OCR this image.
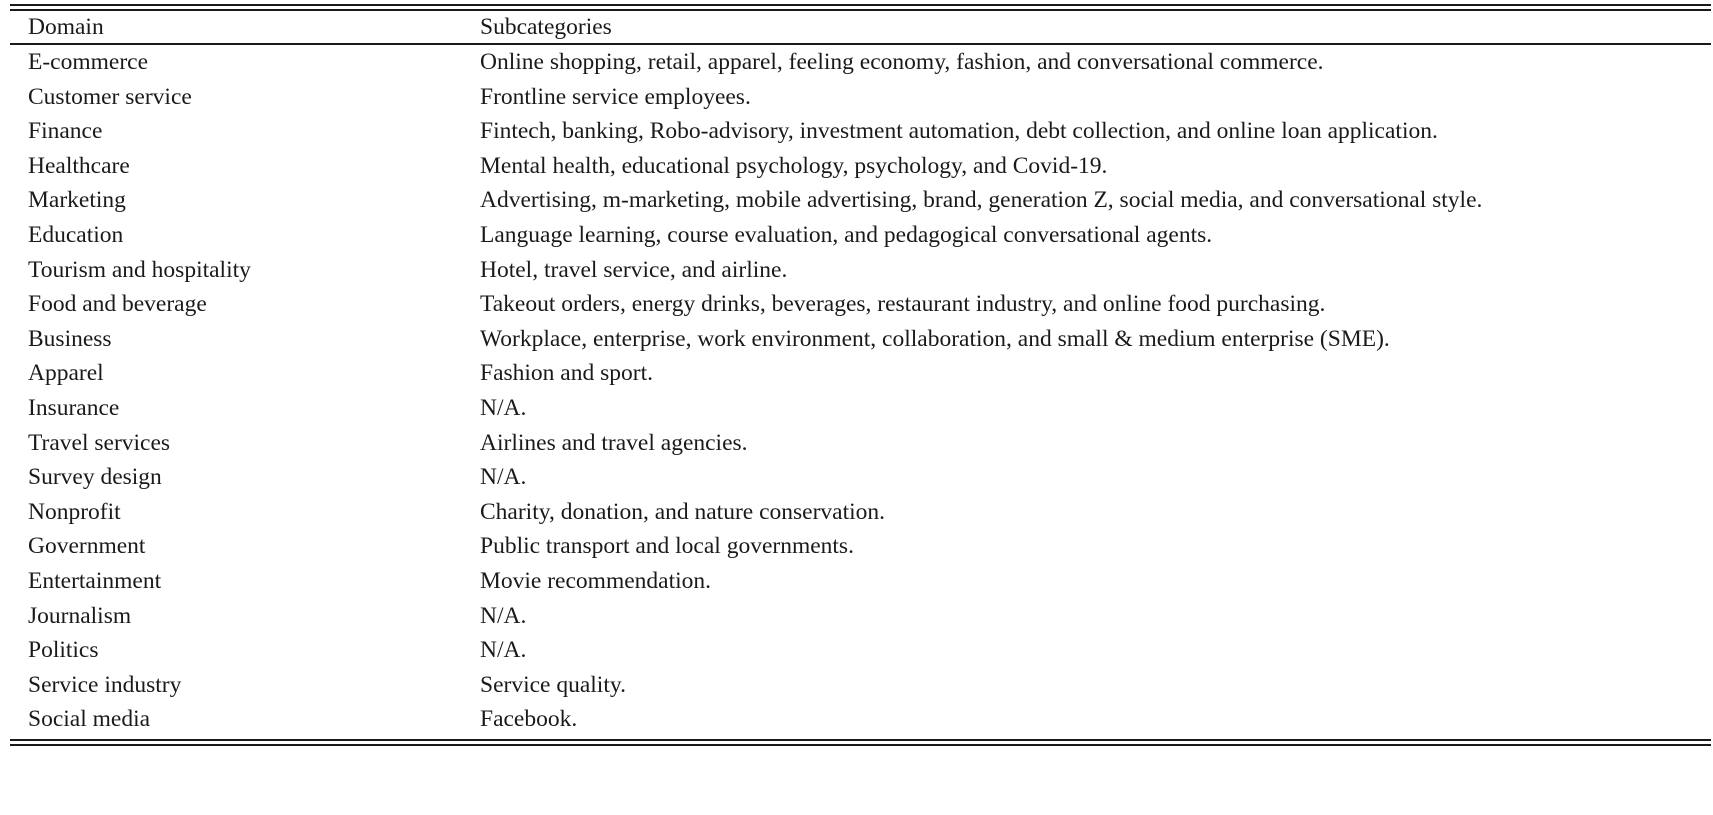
Domain	Subcategories
E-commerce	Online shopping, retail, apparel, feeling economy, fashion, and conversational commerce.
Customer service	Frontline service employees.
Finance	Fintech, banking, Robo-advisory, investment automation, debt collection, and online loan application.
Healthcare	Mental health, educational psychology, psychology, and Covid-19.
Marketing	Advertising, m-marketing, mobile advertising, brand, generation Z, social media, and conversational style.
Education	Language learning, course evaluation, and pedagogical conversational agents.
Tourism and hospitality	Hotel, travel service, and airline.
Food and beverage	Takeout orders, energy drinks, beverages, restaurant industry, and online food purchasing.
Business	Workplace, enterprise, work environment, collaboration, and small & medium enterprise (SME).
Apparel	Fashion and sport.
Insurance	N/A.
Travel services	Airlines and travel agencies.
Survey design	N/A.
Nonprofit	Charity, donation, and nature conservation.
Government	Public transport and local governments.
Entertainment	Movie recommendation.
Journalism	N/A.
Politics	N/A.
Service industry	Service quality.
Social media	Facebook.
